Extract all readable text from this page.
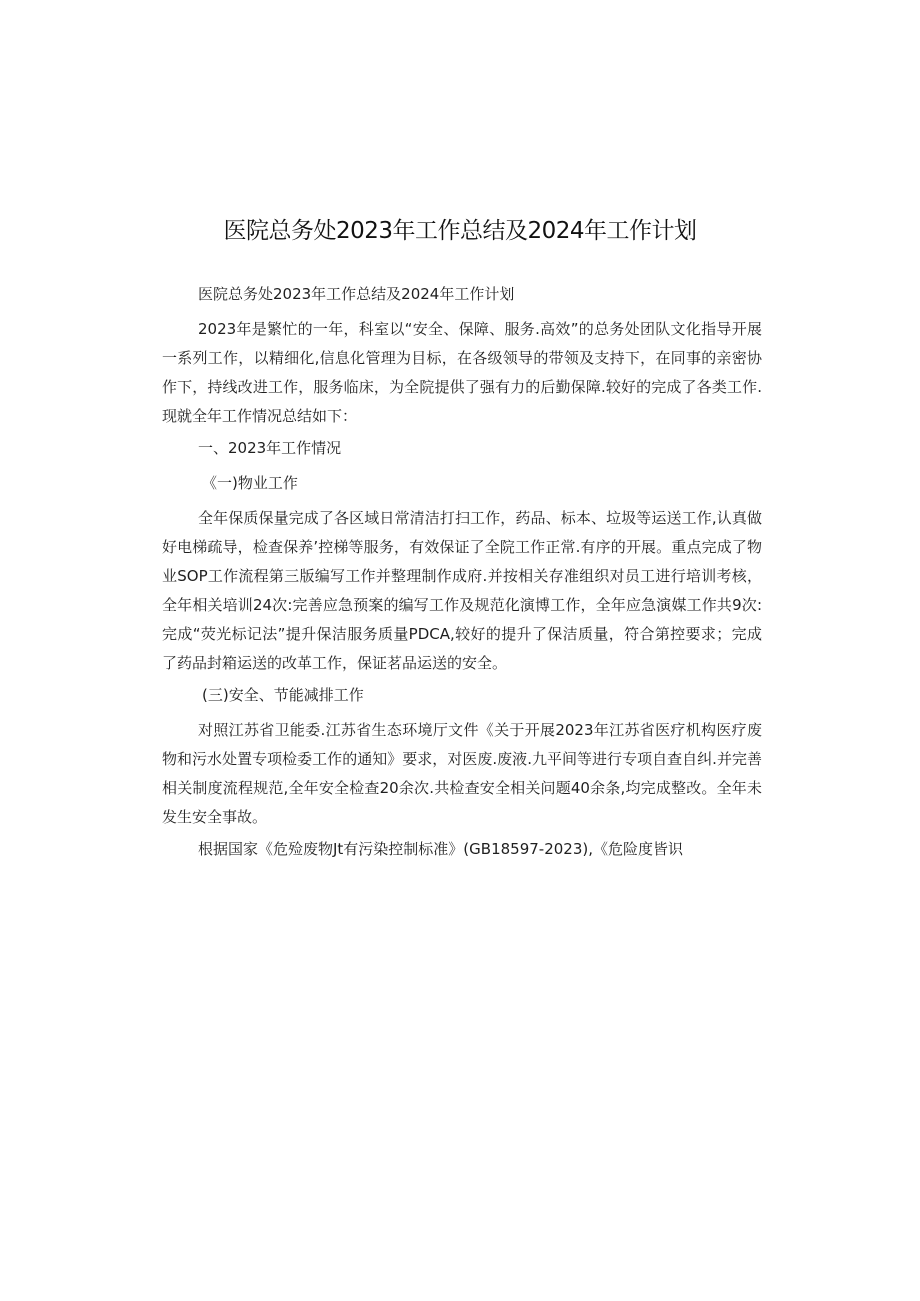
医院总务处2023年工作总结及2024年工作计划

医院总务处2023年工作总结及2024年工作计划

2023年是繁忙的一年，科室以“安全、保障、服务.高效”的总务处团队文化指导开展一系列工作，以精细化,信息化管理为目标，在各级领导的带领及支持下，在同事的亲密协作下，持线改进工作，服务临床，为全院提供了强有力的后勤保障.较好的完成了各类工作.现就全年工作情况总结如下：

一、2023年工作情况

《一)物业工作

全年保质保量完成了各区域日常清洁打扫工作，药品、标本、垃圾等运送工作,认真做好电梯疏导，检查保养’控梯等服务，有效保证了全院工作正常.有序的开展。重点完成了物业SOP工作流程第三版编写工作并整理制作成府.并按相关存准组织对员工进行培训考核，全年相关培训24次:完善应急预案的编写工作及规范化演博工作，全年应急演媒工作共9次:完成“荧光标记法”提升保洁服务质量PDCA,较好的提升了保洁质量，符合第控要求；完成了药品封箱运送的改革工作，保证茗品运送的安全。

(三)安全、节能减排工作

对照江苏省卫能委.江苏省生态环境厅文件《关于开展2023年江苏省医疗机构医疗废物和污水处置专项检委工作的通知》要求，对医废.废液.九平间等进行专项自查自纠.并完善相关制度流程规范,全年安全检查20余次.共检查安全相关问题40余条,均完成整改。全年未发生安全事故。

根据国家《危殓废物Jt有污染控制标准》(GB18597-2023),《危险度皆识
